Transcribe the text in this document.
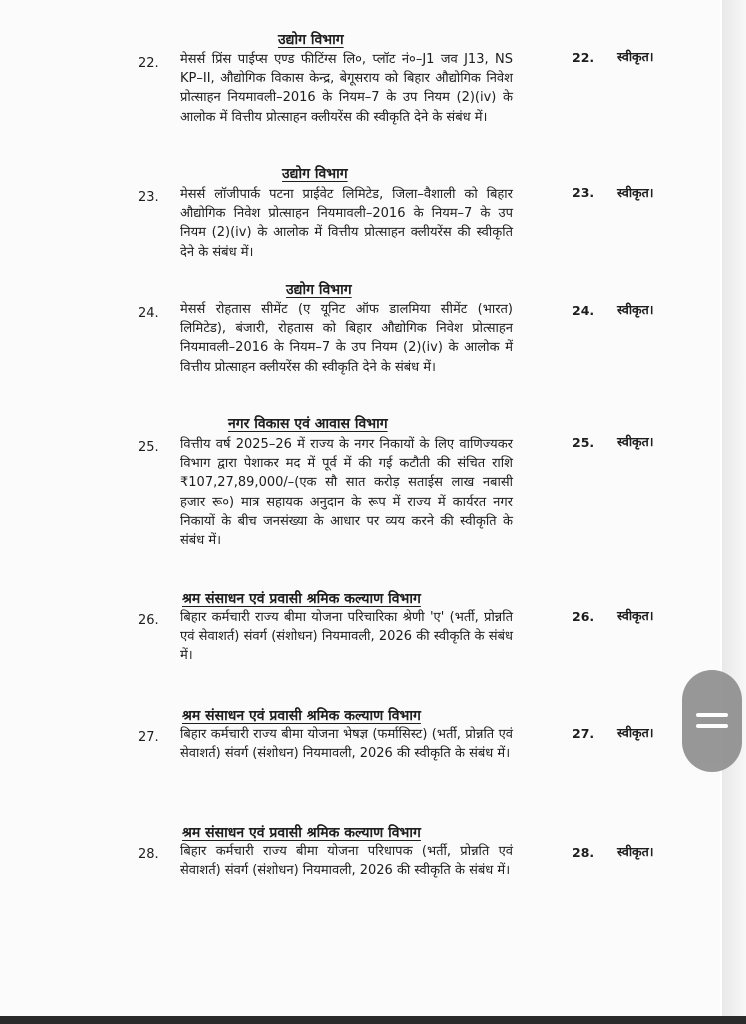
उद्योग विभाग
22. मेसर्स प्रिंस पाईप्स एण्ड फीटिंग्स लि०, प्लॉट नं०–J1 जव J13, NS KP–II, औद्योगिक विकास केन्द्र, बेगूसराय को बिहार औद्योगिक निवेश प्रोत्साहन नियमावली–2016 के नियम–7 के उप नियम (2)(iv) के आलोक में वित्तीय प्रोत्साहन क्लीयरेंस की स्वीकृति देने के संबंध में।
22. स्वीकृत।
उद्योग विभाग
23. मेसर्स लॉजीपार्क पटना प्राईवेट लिमिटेड, जिला–वैशाली को बिहार औद्योगिक निवेश प्रोत्साहन नियमावली–2016 के नियम–7 के उप नियम (2)(iv) के आलोक में वित्तीय प्रोत्साहन क्लीयरेंस की स्वीकृति देने के संबंध में।
23. स्वीकृत।
उद्योग विभाग
24. मेसर्स रोहतास सीमेंट (ए यूनिट ऑफ डालमिया सीमेंट (भारत) लिमिटेड), बंजारी, रोहतास को बिहार औद्योगिक निवेश प्रोत्साहन नियमावली–2016 के नियम–7 के उप नियम (2)(iv) के आलोक में वित्तीय प्रोत्साहन क्लीयरेंस की स्वीकृति देने के संबंध में।
24. स्वीकृत।
नगर विकास एवं आवास विभाग
25. वित्तीय वर्ष 2025–26 में राज्य के नगर निकायों के लिए वाणिज्यकर विभाग द्वारा पेशाकर मद में पूर्व में की गई कटौती की संचित राशि ₹107,27,89,000/–(एक सौ सात करोड़ सताईस लाख नबासी हजार रू०) मात्र सहायक अनुदान के रूप में राज्य में कार्यरत नगर निकायों के बीच जनसंख्या के आधार पर व्यय करने की स्वीकृति के संबंध में।
25. स्वीकृत।
श्रम संसाधन एवं प्रवासी श्रमिक कल्याण विभाग
26. बिहार कर्मचारी राज्य बीमा योजना परिचारिका श्रेणी 'ए' (भर्ती, प्रोन्नति एवं सेवाशर्त) संवर्ग (संशोधन) नियमावली, 2026 की स्वीकृति के संबंध में।
26. स्वीकृत।
श्रम संसाधन एवं प्रवासी श्रमिक कल्याण विभाग
27. बिहार कर्मचारी राज्य बीमा योजना भेषज्ञ (फर्मासिस्ट) (भर्ती, प्रोन्नति एवं सेवाशर्त) संवर्ग (संशोधन) नियमावली, 2026 की स्वीकृति के संबंध में।
27. स्वीकृत।
श्रम संसाधन एवं प्रवासी श्रमिक कल्याण विभाग
28. बिहार कर्मचारी राज्य बीमा योजना परिधापक (भर्ती, प्रोन्नति एवं सेवाशर्त) संवर्ग (संशोधन) नियमावली, 2026 की स्वीकृति के संबंध में।
28. स्वीकृत।
